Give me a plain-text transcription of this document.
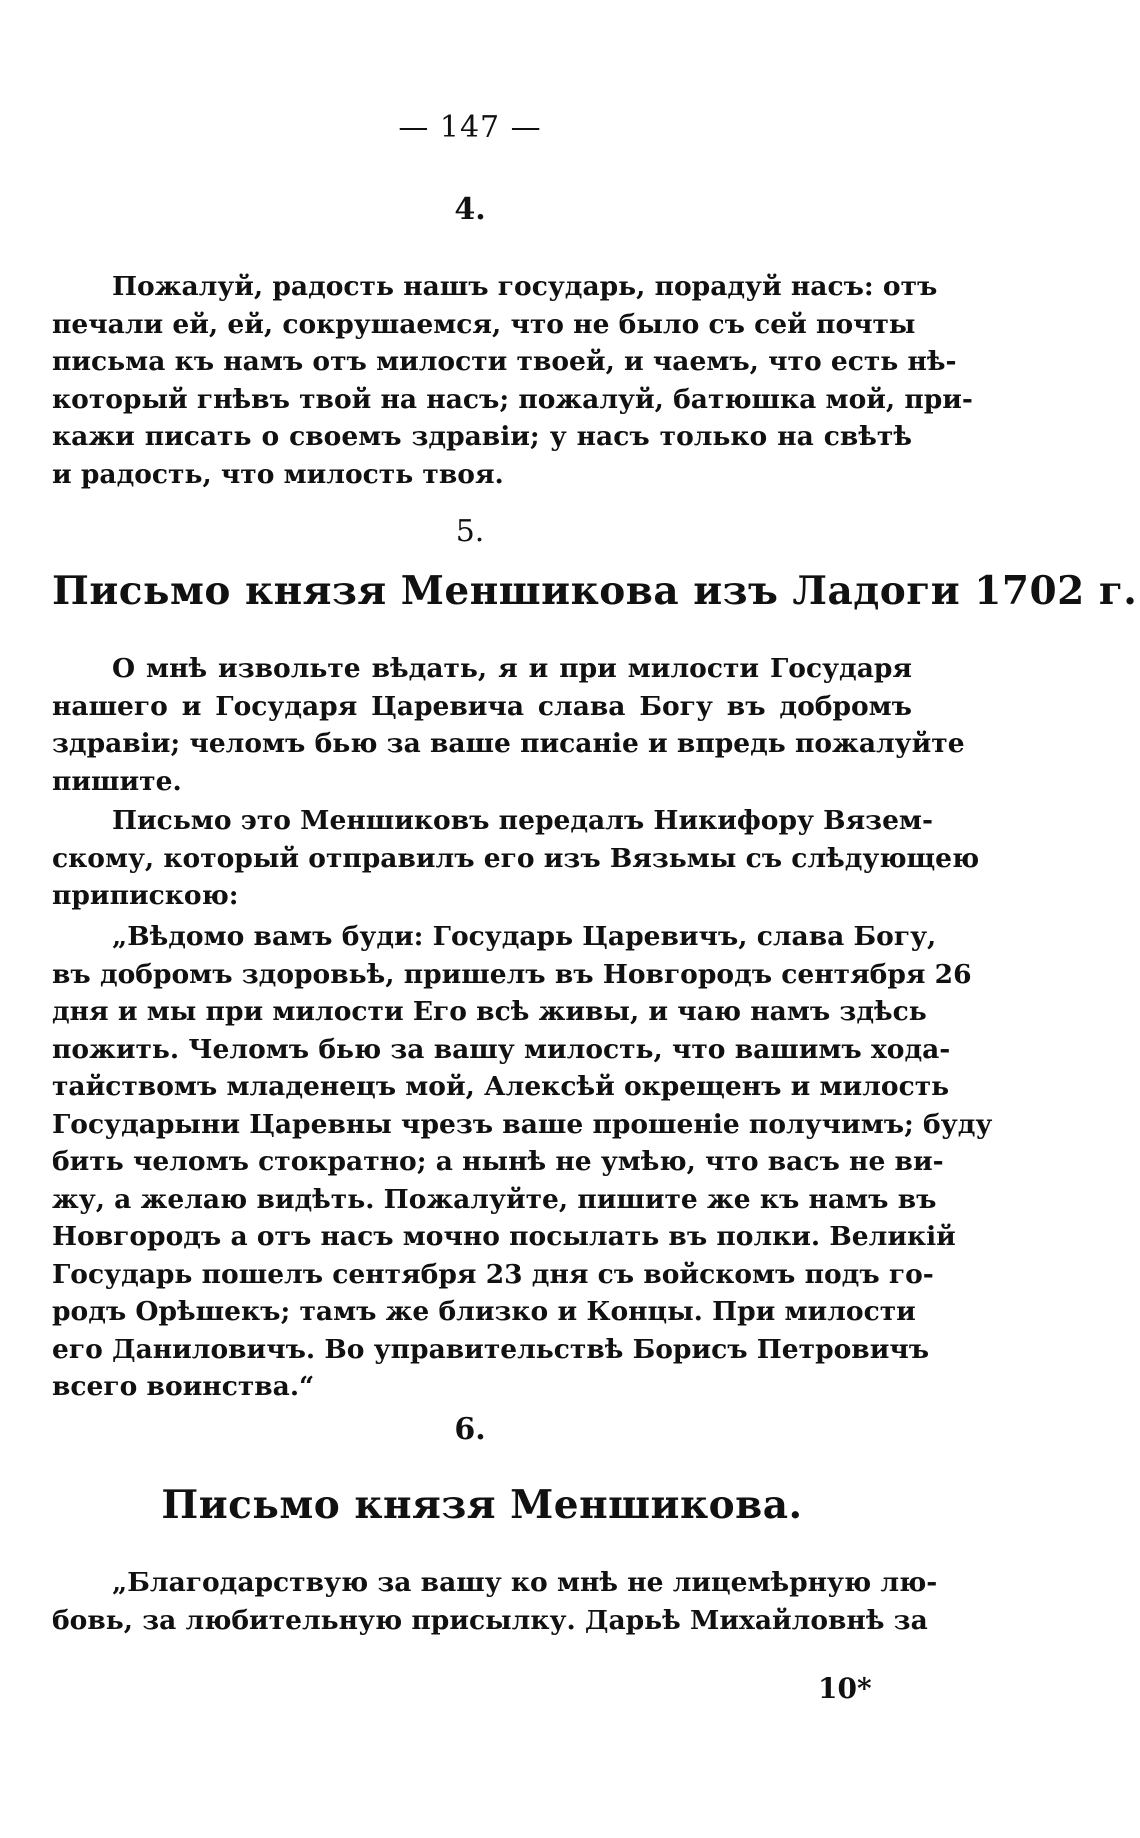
— 147 —
4.
Пожалуй, радость нашъ государь, порадуй насъ: отъ
печали ей, ей, сокрушаемся, что не было съ сей почты
письма къ намъ отъ милости твоей, и чаемъ, что есть нѣ-
который гнѣвъ твой на насъ; пожалуй, батюшка мой, при-
кажи писать о своемъ здравіи; у насъ только на свѣтѣ
и радость, что милость твоя.
5.
Письмо князя Меншикова изъ Ладоги 1702 г.
О мнѣ извольте вѣдать, я и при милости Государя
нашего и Государя Царевича слава Богу въ добромъ
здравіи; челомъ бью за ваше писаніе и впредь пожалуйте
пишите.
Письмо это Меншиковъ передалъ Никифору Вязем-
скому, который отправилъ его изъ Вязьмы съ слѣдующею
припискою:
„Вѣдомо вамъ буди: Государь Царевичъ, слава Богу,
въ добромъ здоровьѣ, пришелъ въ Новгородъ сентября 26
дня и мы при милости Его всѣ живы, и чаю намъ здѣсь
пожить. Челомъ бью за вашу милость, что вашимъ хода-
тайствомъ младенецъ мой, Алексѣй окрещенъ и милость
Государыни Царевны чрезъ ваше прошеніе получимъ; буду
бить челомъ стократно; а нынѣ не умѣю, что васъ не ви-
жу, а желаю видѣть. Пожалуйте, пишите же къ намъ въ
Новгородъ а отъ насъ мочно посылать въ полки. Великій
Государь пошелъ сентября 23 дня съ войскомъ подъ го-
родъ Орѣшекъ; тамъ же близко и Концы. При милости
его Даниловичъ. Во управительствѣ Борисъ Петровичъ
всего воинства.“
6.
Письмо князя Меншикова.
„Благодарствую за вашу ко мнѣ не лицемѣрную лю-
бовь, за любительную присылку. Дарьѣ Михайловнѣ за
10*
